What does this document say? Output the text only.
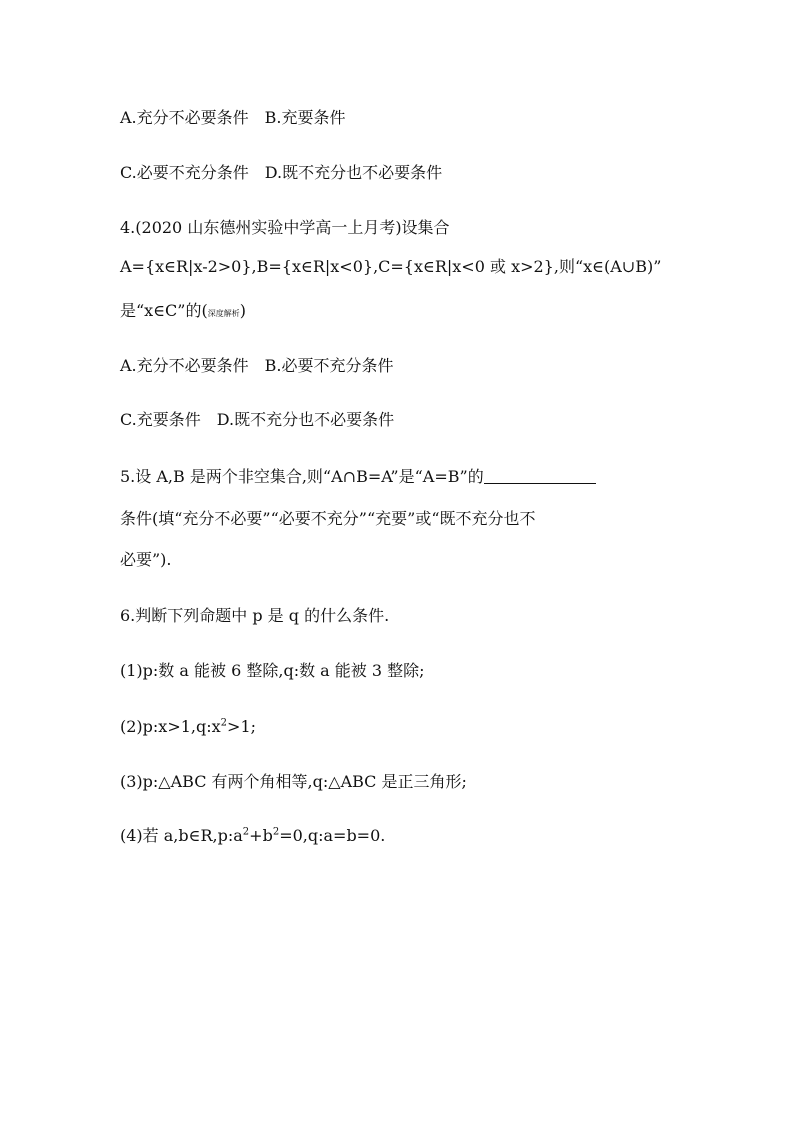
A.充分不必要条件 B.充要条件
C.必要不充分条件 D.既不充分也不必要条件
4.(2020 山东德州实验中学高一上月考)设集合
A={x∈R|x-2>0},B={x∈R|x<0},C={x∈R|x<0 或 x>2},则“x∈(A∪B)”
是“x∈C”的(深度解析)
A.充分不必要条件 B.必要不充分条件
C.充要条件 D.既不充分也不必要条件
5.设 A,B 是两个非空集合,则“A∩B=A”是“A=B”的
条件(填“充分不必要”“必要不充分”“充要”或“既不充分也不
必要”).
6.判断下列命题中 p 是 q 的什么条件.
(1)p:数 a 能被 6 整除,q:数 a 能被 3 整除;
$(2)p:x>1,q:x^2>1$;
(3)p:△ABC 有两个角相等,q:△ABC 是正三角形;
(4)若 $a,b\in R,p:a^2+b^2=0,q:a=b=0$.
